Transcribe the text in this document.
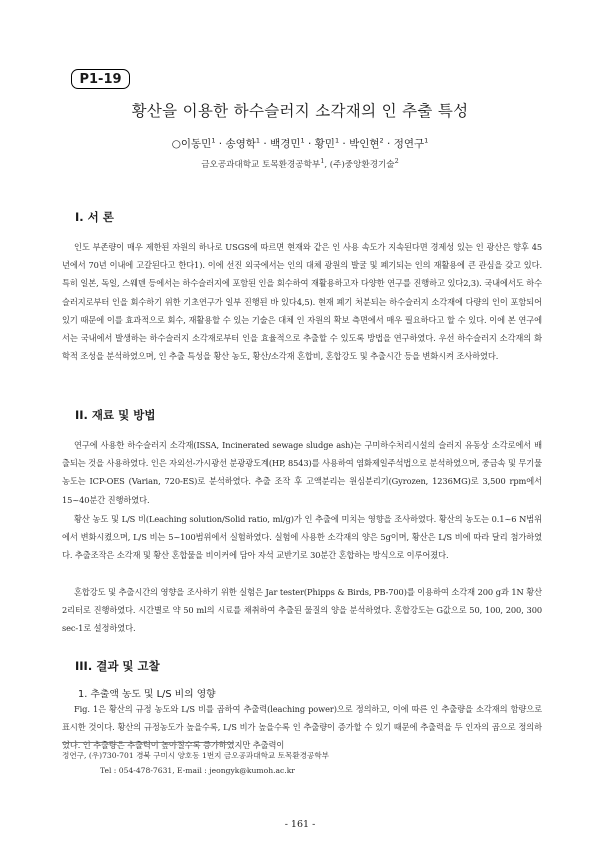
P1-19
황산을 이용한 하수슬러지 소각재의 인 추출 특성
○이동민$^1$ · 송영학$^1$ · 백경민$^1$ · 황민$^1$ · 박인현$^2$ · 정연구$^1$
금오공과대학교 토목환경공학부$^1$, (주)중앙환경기술$^2$
I. 서 론
인도 부존량이 매우 제한된 자원의 하나로 USGS에 따르면 현재와 같은 인 사용 속도가 지속된다면 경제성 있는 인 광산은 향후 45년에서 70년 이내에 고갈된다고 한다1). 이에 선진 외국에서는 인의 대체 광원의 발굴 및 폐기되는 인의 재활용에 큰 관심을 갖고 있다. 특히 일본, 독일, 스웨덴 등에서는 하수슬러지에 포함된 인을 회수하여 재활용하고자 다양한 연구를 진행하고 있다2,3). 국내에서도 하수슬러지로부터 인을 회수하기 위한 기초연구가 일부 진행된 바 있다4,5). 현재 폐기 처분되는 하수슬러지 소각재에 다량의 인이 포함되어 있기 때문에 이를 효과적으로 회수, 재활용할 수 있는 기술은 대체 인 자원의 확보 측면에서 매우 필요하다고 할 수 있다. 이에 본 연구에서는 국내에서 발생하는 하수슬러지 소각재로부터 인을 효율적으로 추출할 수 있도록 방법을 연구하였다. 우선 하수슬러지 소각재의 화학적 조성을 분석하였으며, 인 추출 특성을 황산 농도, 황산/소각재 혼합비, 혼합강도 및 추출시간 등을 변화시켜 조사하였다.
II. 재료 및 방법
연구에 사용한 하수슬러지 소각재(ISSA, Incinerated sewage sludge ash)는 구미하수처리시설의 슬러지 유동상 소각로에서 배출되는 것을 사용하였다. 인은 자외선-가시광선 분광광도계(HP, 8543)를 사용하여 염화제일주석법으로 분석하였으며, 중금속 및 무기물 농도는 ICP-OES (Varian, 720-ES)로 분석하였다. 추출 조작 후 고액분리는 원심분리기(Gyrozen, 1236MG)로 3,500 rpm에서 15~40분간 진행하였다.
황산 농도 및 L/S 비(Leaching solution/Solid ratio, ml/g)가 인 추출에 미치는 영향을 조사하였다. 황산의 농도는 0.1~6 N범위에서 변화시켰으며, L/S 비는 5~100범위에서 실험하였다. 실험에 사용한 소각재의 양은 5g이며, 황산은 L/S 비에 따라 달리 첨가하였다. 추출조작은 소각재 및 황산 혼합물을 비이커에 담아 자석 교반기로 30분간 혼합하는 방식으로 이루어졌다.
혼합강도 및 추출시간의 영향을 조사하기 위한 실험은 Jar tester(Phipps & Birds, PB-700)를 이용하여 소각재 200 g과 1N 황산 2리터로 진행하였다. 시간별로 약 50 ml의 시료를 채취하여 추출된 물질의 양을 분석하였다. 혼합강도는 G값으로 50, 100, 200, 300 sec-1로 설정하였다.
III. 결과 및 고찰
1. 추출액 농도 및 L/S 비의 영향
Fig. 1은 황산의 규정 농도와 L/S 비를 곱하여 추출력(leaching power)으로 정의하고, 이에 따른 인 추출량을 소각재의 함량으로 표시한 것이다. 황산의 규정농도가 높을수록, L/S 비가 높을수록 인 추출량이 증가할 수 있기 때문에 추출력을 두 인자의 곱으로 정의하였다. 인 추출량은 추출력이 높아질수록 증가하였지만 추출력이
정연구, (우)730-701 경북 구미시 양호동 1번지 금오공과대학교 토목환경공학부
Tel : 054-478-7631, E-mail : jeongyk@kumoh.ac.kr
- 161 -
